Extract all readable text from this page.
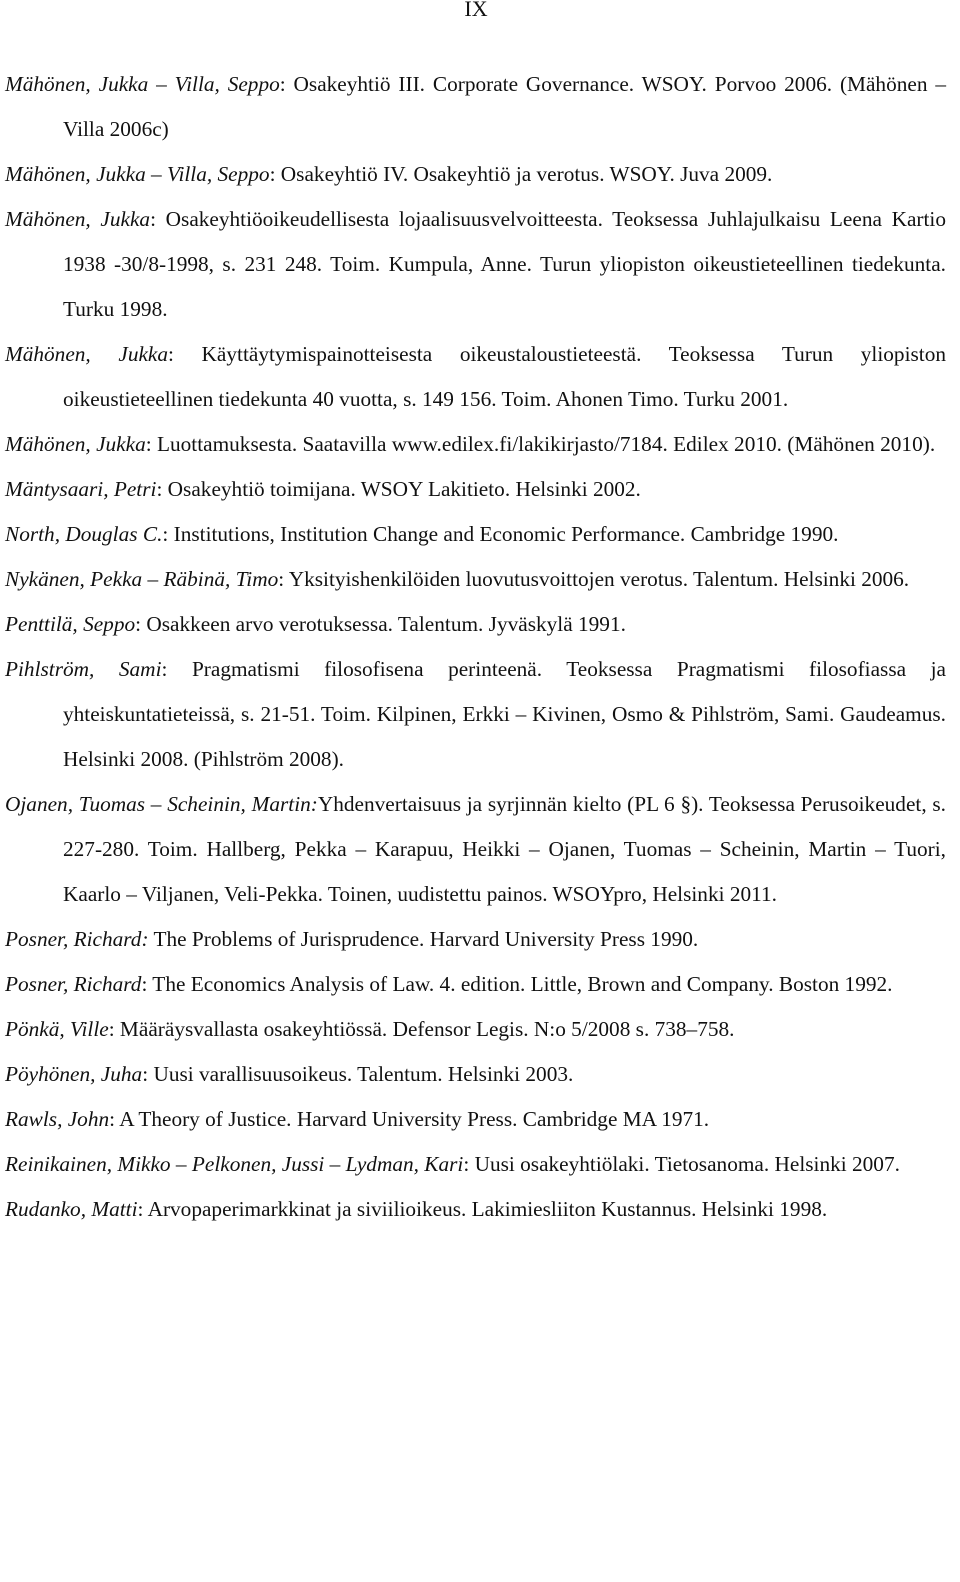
IX

Mähönen, Jukka – Villa, Seppo: Osakeyhtiö III. Corporate Governance. WSOY. Porvoo 2006. (Mähönen – Villa 2006c)

Mähönen, Jukka – Villa, Seppo: Osakeyhtiö IV. Osakeyhtiö ja verotus. WSOY. Juva 2009.

Mähönen, Jukka: Osakeyhtiöoikeudellisesta lojaalisuusvelvoitteesta. Teoksessa Juhlajulkaisu Leena Kartio 1938 -30/8-1998, s. 231 248. Toim. Kumpula, Anne. Turun yliopiston oikeustieteellinen tiedekunta. Turku 1998.

Mähönen, Jukka: Käyttäytymispainotteisesta oikeustaloustieteestä. Teoksessa Turun yliopiston oikeustieteellinen tiedekunta 40 vuotta, s. 149 156. Toim. Ahonen Timo. Turku 2001.

Mähönen, Jukka: Luottamuksesta. Saatavilla www.edilex.fi/lakikirjasto/7184. Edilex 2010. (Mähönen 2010).

Mäntysaari, Petri: Osakeyhtiö toimijana. WSOY Lakitieto. Helsinki 2002.

North, Douglas C.: Institutions, Institution Change and Economic Performance. Cambridge 1990.

Nykänen, Pekka – Räbinä, Timo: Yksityishenkilöiden luovutusvoittojen verotus. Talentum. Helsinki 2006.

Penttilä, Seppo: Osakkeen arvo verotuksessa. Talentum. Jyväskylä 1991.

Pihlström, Sami: Pragmatismi filosofisena perinteenä. Teoksessa Pragmatismi filosofiassa ja yhteiskuntatieteissä, s. 21-51. Toim. Kilpinen, Erkki – Kivinen, Osmo & Pihlström, Sami. Gaudeamus. Helsinki 2008. (Pihlström 2008).

Ojanen, Tuomas – Scheinin, Martin:Yhdenvertaisuus ja syrjinnän kielto (PL 6 §). Teoksessa Perusoikeudet, s. 227-280. Toim. Hallberg, Pekka – Karapuu, Heikki – Ojanen, Tuomas – Scheinin, Martin – Tuori, Kaarlo – Viljanen, Veli-Pekka. Toinen, uudistettu painos. WSOYpro, Helsinki 2011.

Posner, Richard: The Problems of Jurisprudence. Harvard University Press 1990.

Posner, Richard: The Economics Analysis of Law. 4. edition. Little, Brown and Company. Boston 1992.

Pönkä, Ville: Määräysvallasta osakeyhtiössä. Defensor Legis. N:o 5/2008 s. 738–758.

Pöyhönen, Juha: Uusi varallisuusoikeus. Talentum. Helsinki 2003.

Rawls, John: A Theory of Justice. Harvard University Press. Cambridge MA 1971.

Reinikainen, Mikko – Pelkonen, Jussi – Lydman, Kari: Uusi osakeyhtiölaki. Tietosanoma. Helsinki 2007.

Rudanko, Matti: Arvopaperimarkkinat ja siviilioikeus. Lakimiesliiton Kustannus. Helsinki 1998.
